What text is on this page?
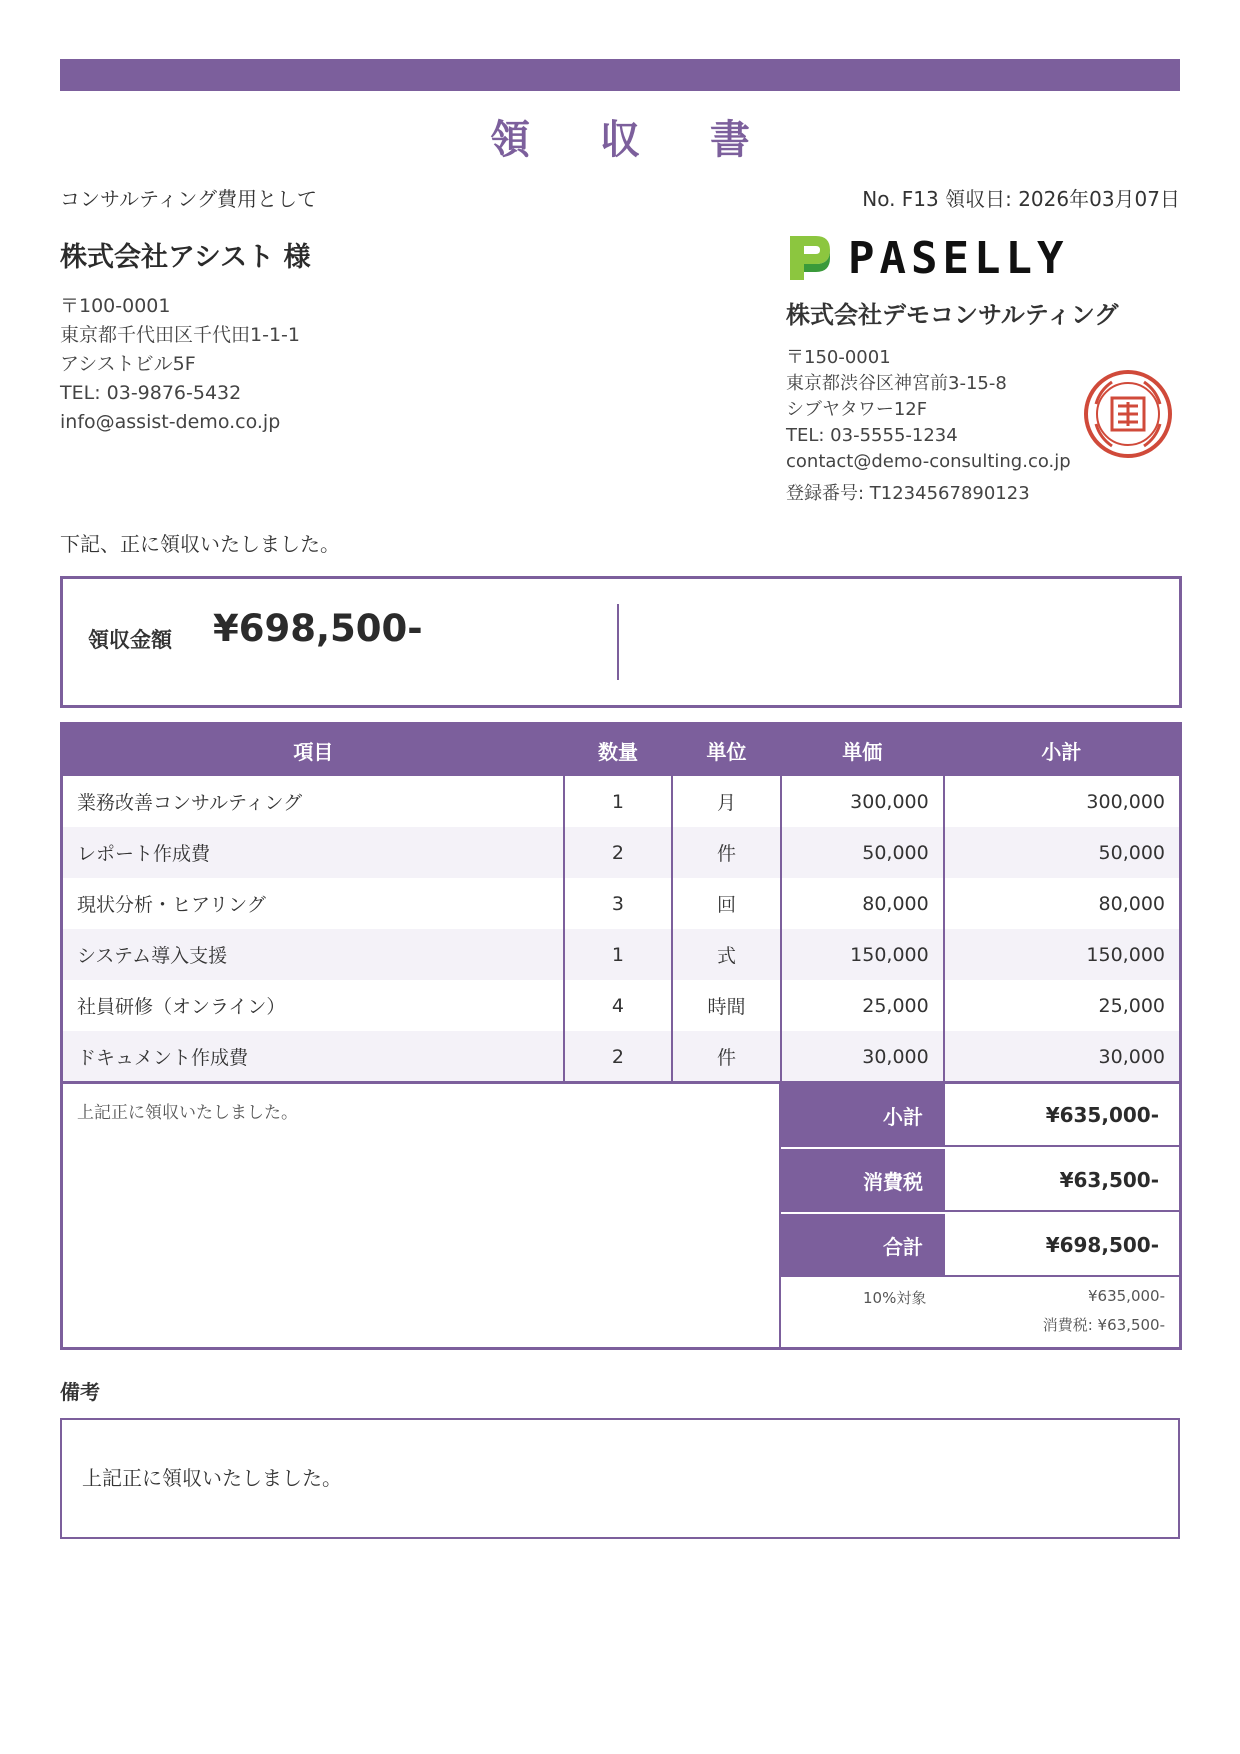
領 収 書
コンサルティング費用として	No. F13 領収日: 2026年03月07日
株式会社アシスト 様
〒100-0001
東京都千代田区千代田1-1-1
アシストビル5F
TEL: 03-9876-5432
info@assist-demo.co.jp
PASELLY
株式会社デモコンサルティング
〒150-0001
東京都渋谷区神宮前3-15-8
シブヤタワー12F
TEL: 03-5555-1234
contact@demo-consulting.co.jp
登録番号: T1234567890123
下記、正に領収いたしました。
領収金額 ¥698,500-
項目	数量	単位	単価	小計
業務改善コンサルティング	1	月	300,000	300,000
レポート作成費	2	件	50,000	50,000
現状分析・ヒアリング	3	回	80,000	80,000
システム導入支援	1	式	150,000	150,000
社員研修（オンライン）	4	時間	25,000	25,000
ドキュメント作成費	2	件	30,000	30,000
上記正に領収いたしました。	小計	¥635,000-
消費税	¥63,500-
合計	¥698,500-
10%対象	¥635,000-
消費税: ¥63,500-
備考
上記正に領収いたしました。
